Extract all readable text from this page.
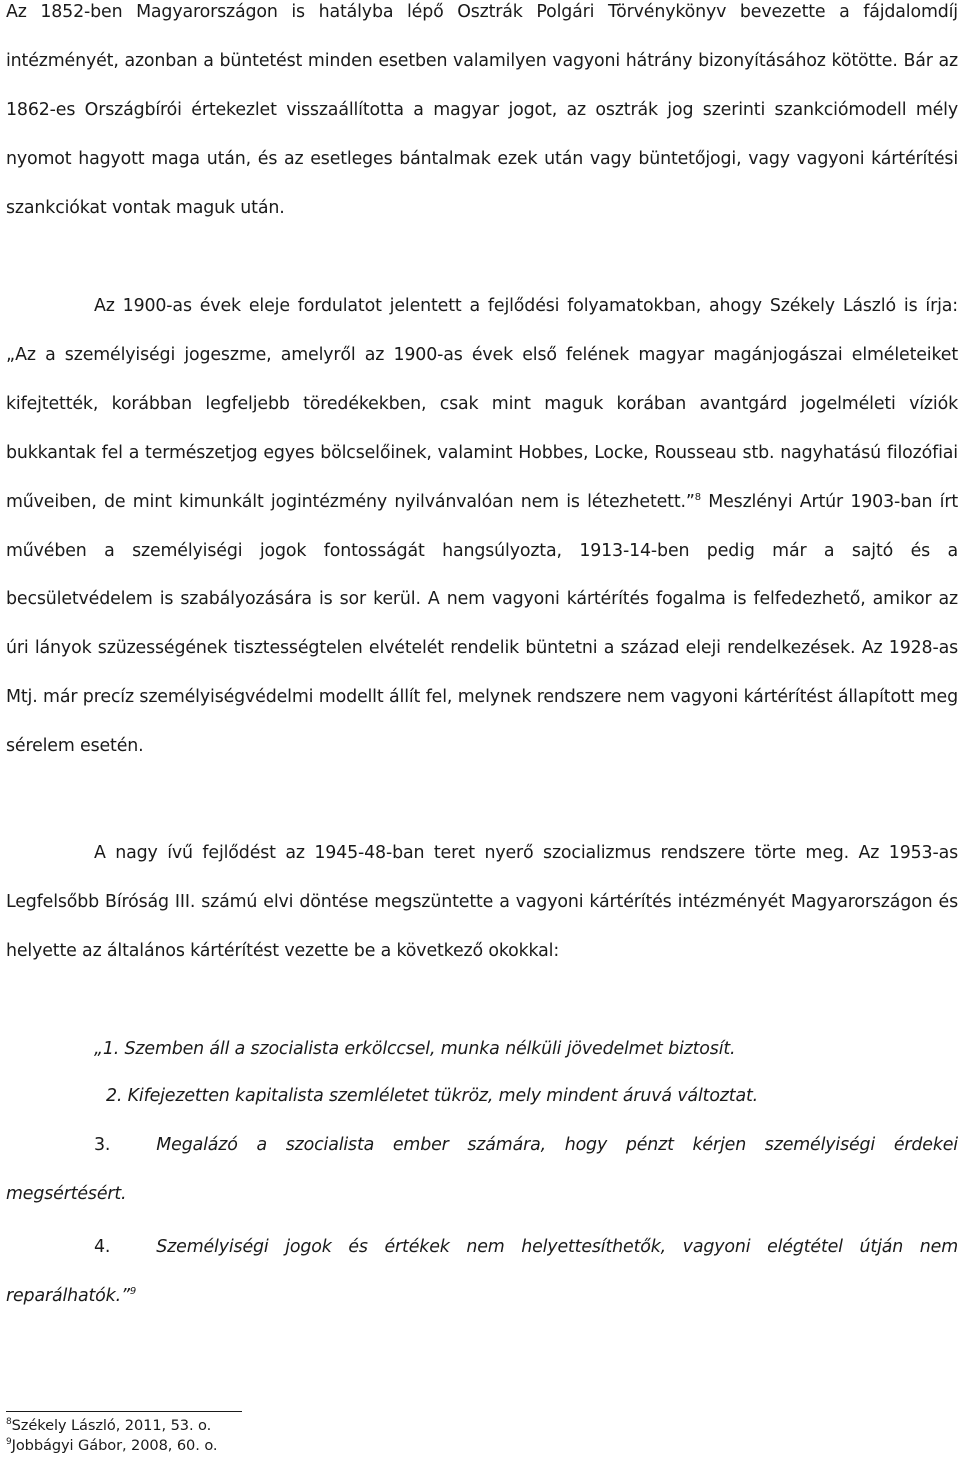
Az 1852-ben Magyarországon is hatályba lépő Osztrák Polgári Törvénykönyv bevezette a fájdalomdíj intézményét, azonban a büntetést minden esetben valamilyen vagyoni hátrány bizonyításához kötötte. Bár az 1862-es Országbírói értekezlet visszaállította a magyar jogot, az osztrák jog szerinti szankciómodell mély nyomot hagyott maga után, és az esetleges bántalmak ezek után vagy büntetőjogi, vagy vagyoni kártérítési szankciókat vontak maguk után.

Az 1900-as évek eleje fordulatot jelentett a fejlődési folyamatokban, ahogy Székely László is írja: „Az a személyiségi jogeszme, amelyről az 1900-as évek első felének magyar magánjogászai elméleteiket kifejtették, korábban legfeljebb töredékekben, csak mint maguk korában avantgárd jogelméleti víziók bukkantak fel a természetjog egyes bölcselőinek, valamint Hobbes, Locke, Rousseau stb. nagyhatású filozófiai műveiben, de mint kimunkált jogintézmény nyilvánvalóan nem is létezhetett.”$^8$ Meszlényi Artúr 1903-ban írt művében a személyiségi jogok fontosságát hangsúlyozta, 1913-14-ben pedig már a sajtó és a becsületvédelem is szabályozására is sor kerül. A nem vagyoni kártérítés fogalma is felfedezhető, amikor az úri lányok szüzességének tisztességtelen elvételét rendelik büntetni a század eleji rendelkezések. Az 1928-as Mtj. már precíz személyiségvédelmi modellt állít fel, melynek rendszere nem vagyoni kártérítést állapított meg sérelem esetén.

A nagy ívű fejlődést az 1945-48-ban teret nyerő szocializmus rendszere törte meg. Az 1953-as Legfelsőbb Bíróság III. számú elvi döntése megszüntette a vagyoni kártérítés intézményét Magyarországon és helyette az általános kártérítést vezette be a következő okokkal:

„1. Szemben áll a szocialista erkölccsel, munka nélküli jövedelmet biztosít.

2. Kifejezetten kapitalista szemléletet tükröz, mely mindent áruvá változtat.

3.	Megalázó a szocialista ember számára, hogy pénzt kérjen személyiségi érdekei megsértésért.

4.	Személyiségi jogok és értékek nem helyettesíthetők, vagyoni elégtétel útján nem reparálhatók.”$^9$

$^8$Székely László, 2011, 53. o.

$^9$Jobbágyi Gábor, 2008, 60. o.
